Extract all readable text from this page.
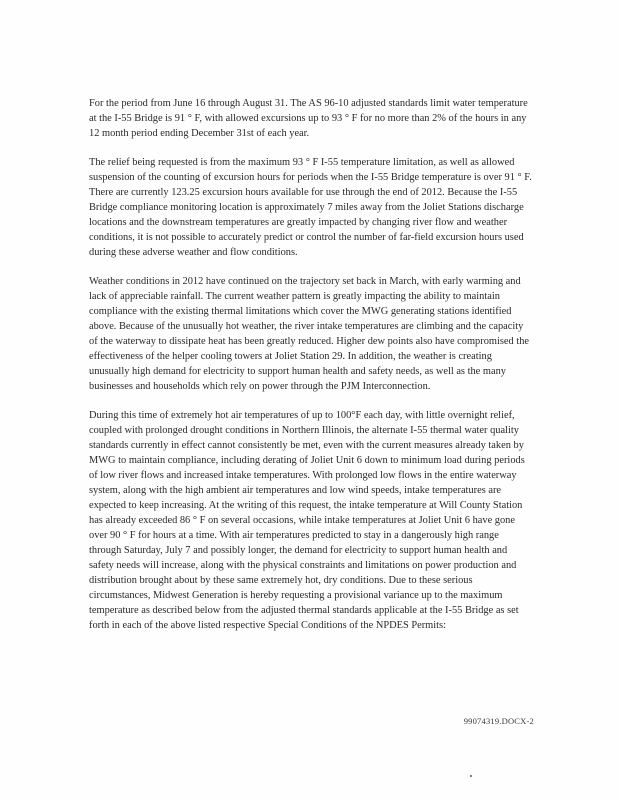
For the period from June 16 through August 31. The AS 96-10 adjusted standards limit water temperature at the I-55 Bridge is 91 ° F, with allowed excursions up to 93 ° F for no more than 2% of the hours in any 12 month period ending December 31st of each year.

The relief being requested is from the maximum 93 ° F I-55 temperature limitation, as well as allowed suspension of the counting of excursion hours for periods when the I-55 Bridge temperature is over 91 ° F. There are currently 123.25 excursion hours available for use through the end of 2012. Because the I-55 Bridge compliance monitoring location is approximately 7 miles away from the Joliet Stations discharge locations and the downstream temperatures are greatly impacted by changing river flow and weather conditions, it is not possible to accurately predict or control the number of far-field excursion hours used during these adverse weather and flow conditions.

Weather conditions in 2012 have continued on the trajectory set back in March, with early warming and lack of appreciable rainfall. The current weather pattern is greatly impacting the ability to maintain compliance with the existing thermal limitations which cover the MWG generating stations identified above. Because of the unusually hot weather, the river intake temperatures are climbing and the capacity of the waterway to dissipate heat has been greatly reduced. Higher dew points also have compromised the effectiveness of the helper cooling towers at Joliet Station 29. In addition, the weather is creating unusually high demand for electricity to support human health and safety needs, as well as the many businesses and households which rely on power through the PJM Interconnection.

During this time of extremely hot air temperatures of up to 100°F each day, with little overnight relief, coupled with prolonged drought conditions in Northern Illinois, the alternate I-55 thermal water quality standards currently in effect cannot consistently be met, even with the current measures already taken by MWG to maintain compliance, including derating of Joliet Unit 6 down to minimum load during periods of low river flows and increased intake temperatures. With prolonged low flows in the entire waterway system, along with the high ambient air temperatures and low wind speeds, intake temperatures are expected to keep increasing. At the writing of this request, the intake temperature at Will County Station has already exceeded 86 ° F on several occasions, while intake temperatures at Joliet Unit 6 have gone over 90 ° F for hours at a time. With air temperatures predicted to stay in a dangerously high range through Saturday, July 7 and possibly longer, the demand for electricity to support human health and safety needs will increase, along with the physical constraints and limitations on power production and distribution brought about by these same extremely hot, dry conditions. Due to these serious circumstances, Midwest Generation is hereby requesting a provisional variance up to the maximum temperature as described below from the adjusted thermal standards applicable at the I-55 Bridge as set forth in each of the above listed respective Special Conditions of the NPDES Permits:

99074319.DOCX-2
